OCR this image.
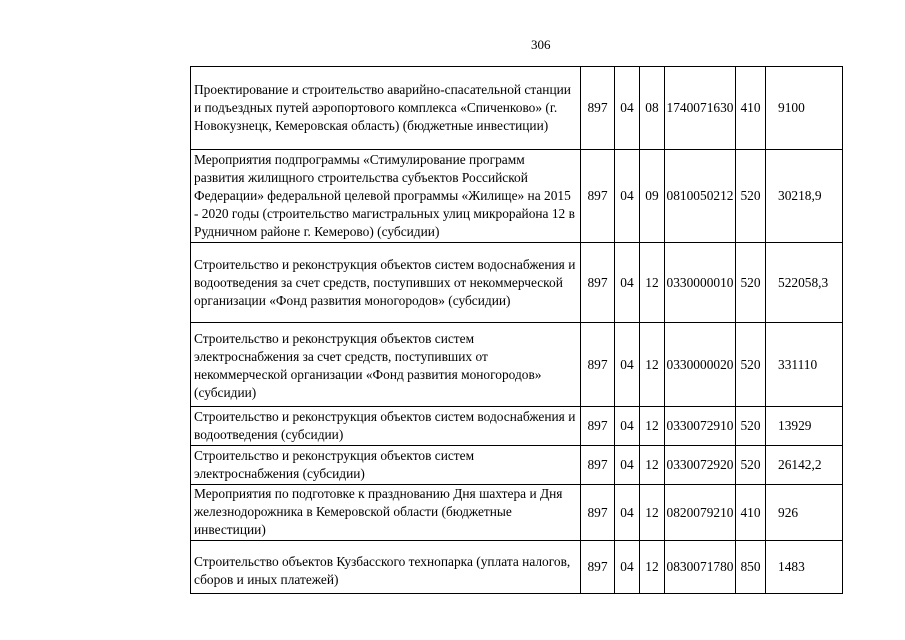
306
Проектирование и строительство аварийно-спасательной станции и подъездных путей аэропортового комплекса «Спиченково» (г. Новокузнецк, Кемеровская область) (бюджетные инвестиции)	897	04	08	1740071630	410	9100
Мероприятия подпрограммы «Стимулирование программ развития жилищного строительства субъектов Российской Федерации» федеральной целевой программы «Жилище» на 2015 - 2020 годы (строительство магистральных улиц микрорайона 12 в Рудничном районе г. Кемерово) (субсидии)	897	04	09	0810050212	520	30218,9
Строительство и реконструкция объектов систем водоснабжения и водоотведения за счет средств, поступивших от некоммерческой организации «Фонд развития моногородов» (субсидии)	897	04	12	0330000010	520	522058,3
Строительство и реконструкция объектов систем электроснабжения за счет средств, поступивших от некоммерческой организации «Фонд развития моногородов» (субсидии)	897	04	12	0330000020	520	331110
Строительство и реконструкция объектов систем водоснабжения и водоотведения (субсидии)	897	04	12	0330072910	520	13929
Строительство и реконструкция объектов систем электроснабжения (субсидии)	897	04	12	0330072920	520	26142,2
Мероприятия по подготовке к празднованию Дня шахтера и Дня железнодорожника в Кемеровской области (бюджетные инвестиции)	897	04	12	0820079210	410	926
Строительство объектов Кузбасского технопарка (уплата налогов, сборов и иных платежей)	897	04	12	0830071780	850	1483
